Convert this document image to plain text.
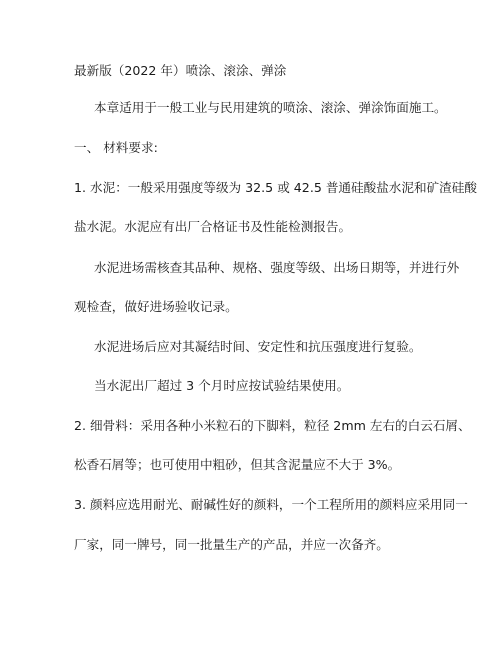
最新版（2022 年）喷涂、滚涂、弹涂
本章适用于一般工业与民用建筑的喷涂、滚涂、弹涂饰面施工。
一、 材料要求:
1. 水泥：一般采用强度等级为 32.5 或 42.5 普通硅酸盐水泥和矿渣硅酸
盐水泥。水泥应有出厂合格证书及性能检测报告。
水泥进场需核查其品种、规格、强度等级、出场日期等，并进行外
观检查，做好进场验收记录。
水泥进场后应对其凝结时间、安定性和抗压强度进行复验。
当水泥出厂超过 3 个月时应按试验结果使用。
2. 细骨料：采用各种小米粒石的下脚料，粒径 2mm 左右的白云石屑、
松香石屑等；也可使用中粗砂，但其含泥量应不大于 3%。
3. 颜料应选用耐光、耐碱性好的颜料，一个工程所用的颜料应采用同一
厂家，同一牌号，同一批量生产的产品，并应一次备齐。
